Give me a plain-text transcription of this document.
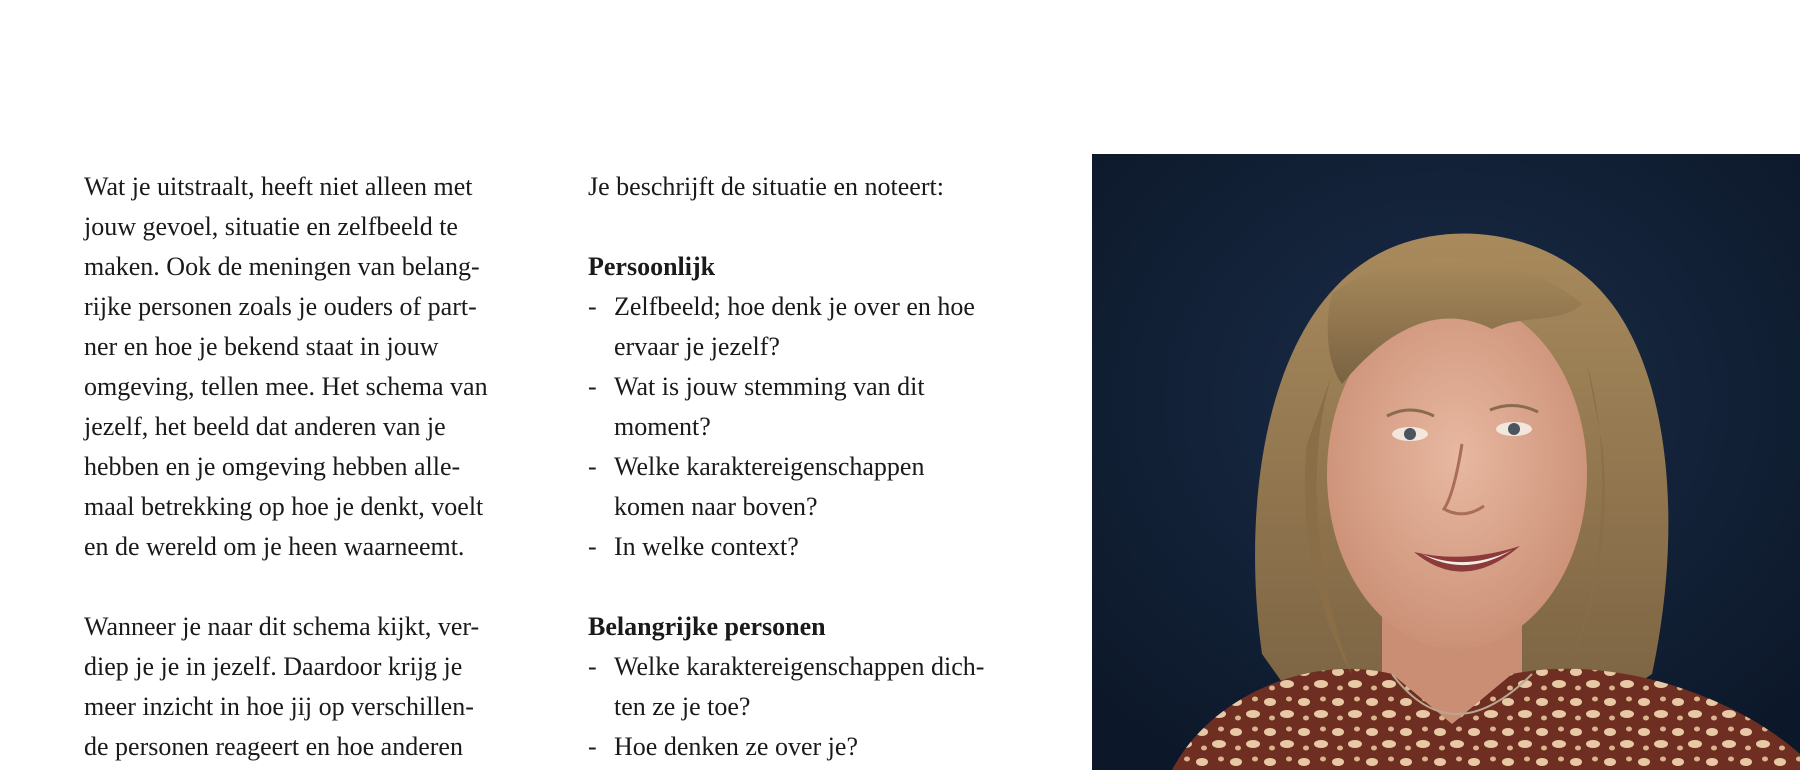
Wat je uitstraalt, heeft niet alleen met
jouw gevoel, situatie en zelfbeeld te
maken. Ook de meningen van belang-
rijke personen zoals je ouders of part-
ner en hoe je bekend staat in jouw
omgeving, tellen mee. Het schema van
jezelf, het beeld dat anderen van je
hebben en je omgeving hebben alle-
maal betrekking op hoe je denkt, voelt
en de wereld om je heen waarneemt.
Wanneer je naar dit schema kijkt, ver-
diep je je in jezelf. Daardoor krijg je
meer inzicht in hoe jij op verschillen-
de personen reageert en hoe anderen
Je beschrijft de situatie en noteert:
Persoonlijk
- Zelfbeeld; hoe denk je over en hoe
ervaar je jezelf?
- Wat is jouw stemming van dit
moment?
- Welke karaktereigenschappen
komen naar boven?
- In welke context?
Belangrijke personen
- Welke karaktereigenschappen dich-
ten ze je toe?
- Hoe denken ze over je?
